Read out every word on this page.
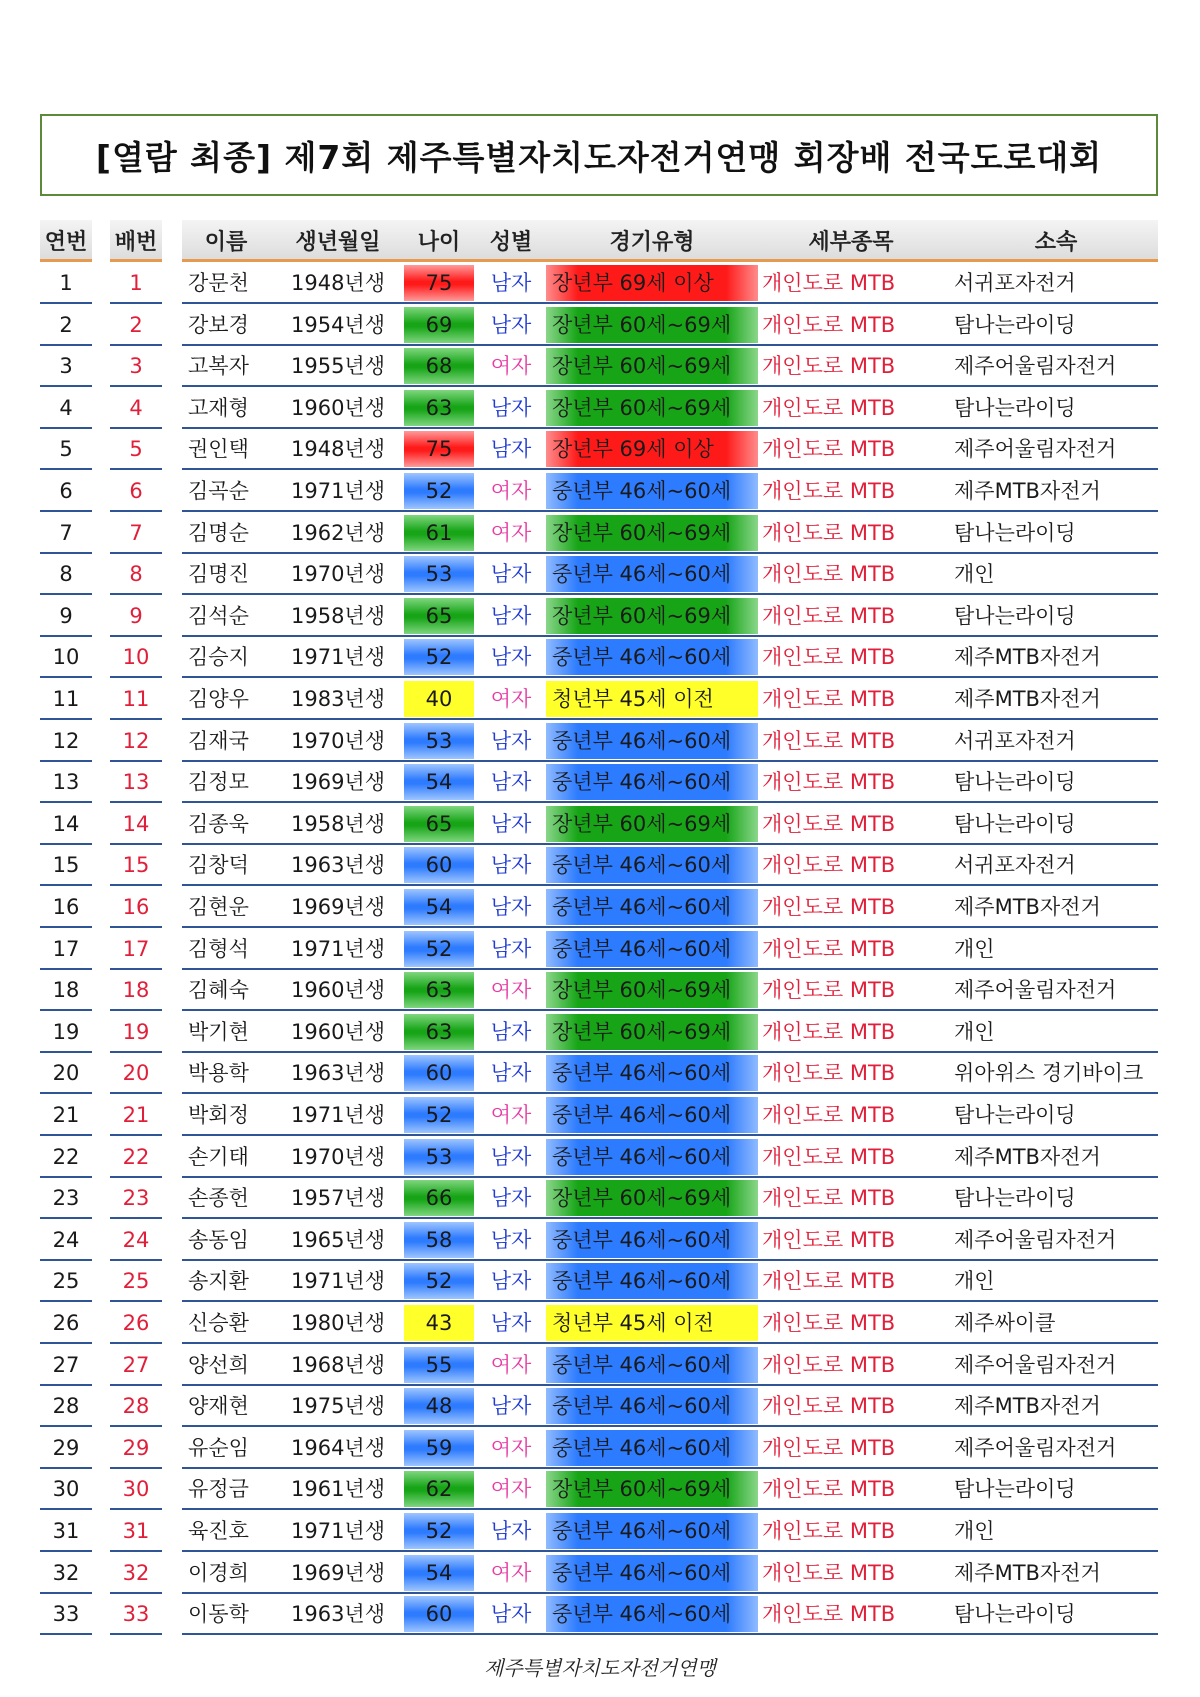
[열람 최종] 제7회 제주특별자치도자전거연맹 회장배 전국도로대회
연번 배번	이름	생년월일	나이	성별	경기유형	세부종목	소속
1	1	강문천	1948년생	75	남자 장년부 69세 이상	개인도로 MTB	서귀포자전거
2	2	강보경	1954년생	69	남자 장년부 60세~69세	개인도로 MTB	탐나는라이딩
3	3	고복자	1955년생	68	여자 장년부 60세~69세	개인도로 MTB	제주어울림자전거
4	4	고재형	1960년생	63	남자 장년부 60세~69세	개인도로 MTB	탐나는라이딩
5	5	권인택	1948년생	75	남자 장년부 69세 이상	개인도로 MTB	제주어울림자전거
6	6	김곡순	1971년생	52	여자 중년부 46세~60세	개인도로 MTB	제주MTB자전거
7	7	김명순	1962년생	61	여자 장년부 60세~69세	개인도로 MTB	탐나는라이딩
8	8	김명진	1970년생	53	남자 중년부 46세~60세	개인도로 MTB	개인
9	9	김석순	1958년생	65	남자 장년부 60세~69세	개인도로 MTB	탐나는라이딩
10	10	김승지	1971년생	52	남자 중년부 46세~60세	개인도로 MTB	제주MTB자전거
11	11	김양우	1983년생	40	여자 청년부 45세 이전	개인도로 MTB	제주MTB자전거
12	12	김재국	1970년생	53	남자 중년부 46세~60세	개인도로 MTB	서귀포자전거
13	13	김정모	1969년생	54	남자 중년부 46세~60세	개인도로 MTB	탐나는라이딩
14	14	김종욱	1958년생	65	남자 장년부 60세~69세	개인도로 MTB	탐나는라이딩
15	15	김창덕	1963년생	60	남자 중년부 46세~60세	개인도로 MTB	서귀포자전거
16	16	김현운	1969년생	54	남자 중년부 46세~60세	개인도로 MTB	제주MTB자전거
17	17	김형석	1971년생	52	남자 중년부 46세~60세	개인도로 MTB	개인
18	18	김혜숙	1960년생	63	여자 장년부 60세~69세	개인도로 MTB	제주어울림자전거
19	19	박기현	1960년생	63	남자 장년부 60세~69세	개인도로 MTB	개인
20	20	박용학	1963년생	60	남자 중년부 46세~60세	개인도로 MTB	위아위스 경기바이크
21	21	박회정	1971년생	52	여자 중년부 46세~60세	개인도로 MTB	탐나는라이딩
22	22	손기태	1970년생	53	남자 중년부 46세~60세	개인도로 MTB	제주MTB자전거
23	23	손종헌	1957년생	66	남자 장년부 60세~69세	개인도로 MTB	탐나는라이딩
24	24	송동임	1965년생	58	남자 중년부 46세~60세	개인도로 MTB	제주어울림자전거
25	25	송지환	1971년생	52	남자 중년부 46세~60세	개인도로 MTB	개인
26	26	신승환	1980년생	43	남자 청년부 45세 이전	개인도로 MTB	제주싸이클
27	27	양선희	1968년생	55	여자 중년부 46세~60세	개인도로 MTB	제주어울림자전거
28	28	양재현	1975년생	48	남자 중년부 46세~60세	개인도로 MTB	제주MTB자전거
29	29	유순임	1964년생	59	여자 중년부 46세~60세	개인도로 MTB	제주어울림자전거
30	30	유정금	1961년생	62	여자 장년부 60세~69세	개인도로 MTB	탐나는라이딩
31	31	육진호	1971년생	52	남자 중년부 46세~60세	개인도로 MTB	개인
32	32	이경희	1969년생	54	여자 중년부 46세~60세	개인도로 MTB	제주MTB자전거
33	33	이동학	1963년생	60	남자 중년부 46세~60세	개인도로 MTB	탐나는라이딩
제주특별자치도자전거연맹
